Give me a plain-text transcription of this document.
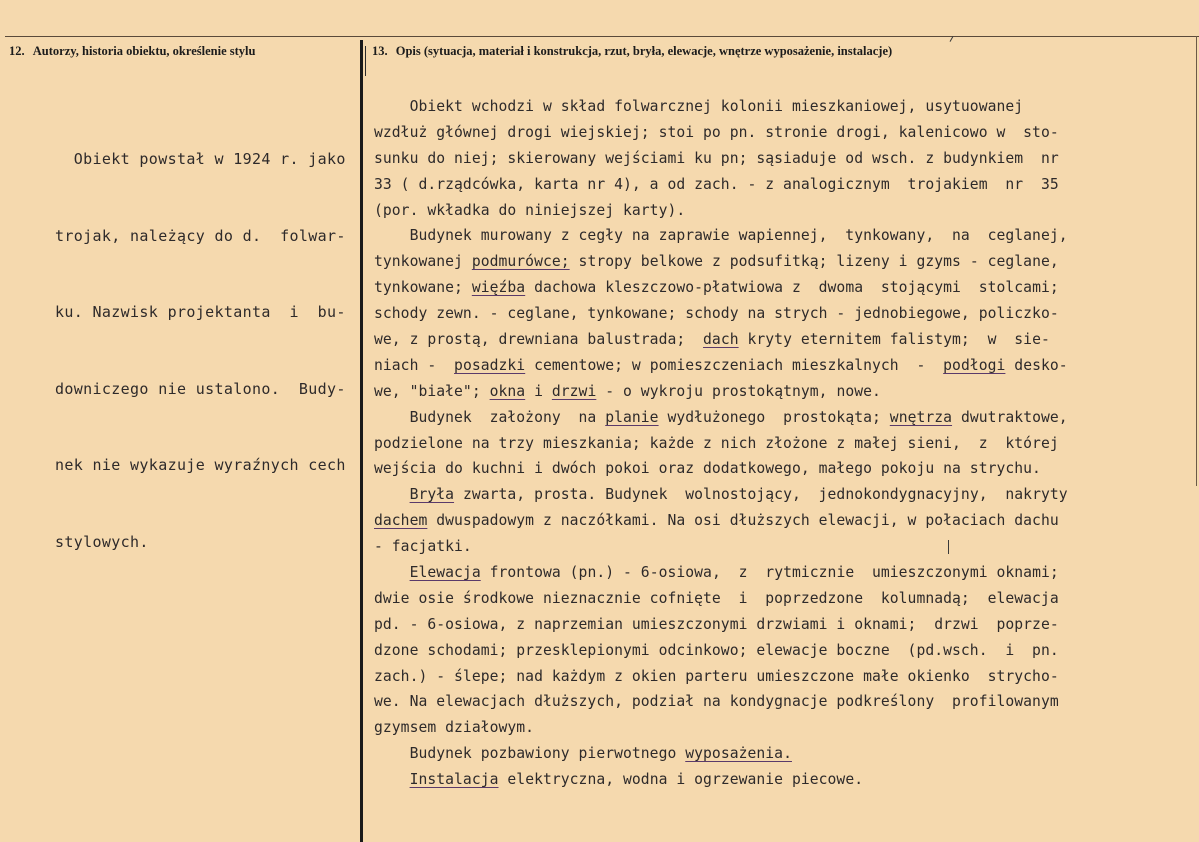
12. Autorzy, historia obiektu, określenie stylu	13. Opis (sytuacja, materiał i konstrukcja, rzut, bryła, elewacje, wnętrze wyposażenie, instalacje)

Obiekt powstał w 1924 r. jako

trojak, należący do d.  folwar-

ku. Nazwisk projektanta  i  bu-

downiczego nie ustalono.  Budy-

nek nie wykazuje wyraźnych cech

stylowych.

Obiekt wchodzi w skład folwarcznej kolonii mieszkaniowej, usytuowanej
wzdłuż głównej drogi wiejskiej; stoi po pn. stronie drogi, kalenicowo w  sto-
sunku do niej; skierowany wejściami ku pn; sąsiaduje od wsch. z budynkiem  nr
33 ( d.rządcówka, karta nr 4), a od zach. - z analogicznym  trojakiem  nr  35
(por. wkładka do niniejszej karty).
Budynek murowany z cegły na zaprawie wapiennej,  tynkowany,  na  ceglanej,
tynkowanej podmurówce; stropy belkowe z podsufitką; lizeny i gzyms - ceglane,
tynkowane; więźba dachowa kleszczowo-płatwiowa z  dwoma  stojącymi  stolcami;
schody zewn. - ceglane, tynkowane; schody na strych - jednobiegowe, policzko-
we, z prostą, drewniana balustrada;  dach kryty eternitem falistym;  w  sie-
niach -  posadzki cementowe; w pomieszczeniach mieszkalnych  -  podłogi desko-
we, "białe"; okna i drzwi - o wykroju prostokątnym, nowe.
Budynek  założony  na planie wydłużonego  prostokąta; wnętrza dwutraktowe,
podzielone na trzy mieszkania; każde z nich złożone z małej sieni,  z  której
wejścia do kuchni i dwóch pokoi oraz dodatkowego, małego pokoju na strychu.
Bryła zwarta, prosta. Budynek  wolnostojący,  jednokondygnacyjny,  nakryty
dachem dwuspadowym z naczółkami. Na osi dłuższych elewacji, w połaciach dachu
- facjatki.
Elewacja frontowa (pn.) - 6-osiowa,  z  rytmicznie  umieszczonymi oknami;
dwie osie środkowe nieznacznie cofnięte  i  poprzedzone  kolumnadą;  elewacja
pd. - 6-osiowa, z naprzemian umieszczonymi drzwiami i oknami;  drzwi  poprze-
dzone schodami; przesklepionymi odcinkowo; elewacje boczne  (pd.wsch.  i  pn.
zach.) - ślepe; nad każdym z okien parteru umieszczone małe okienko  strycho-
we. Na elewacjach dłuższych, podział na kondygnacje podkreślony  profilowanym
gzymsem działowym.
Budynek pozbawiony pierwotnego wyposażenia.
Instalacja elektryczna, wodna i ogrzewanie piecowe.
